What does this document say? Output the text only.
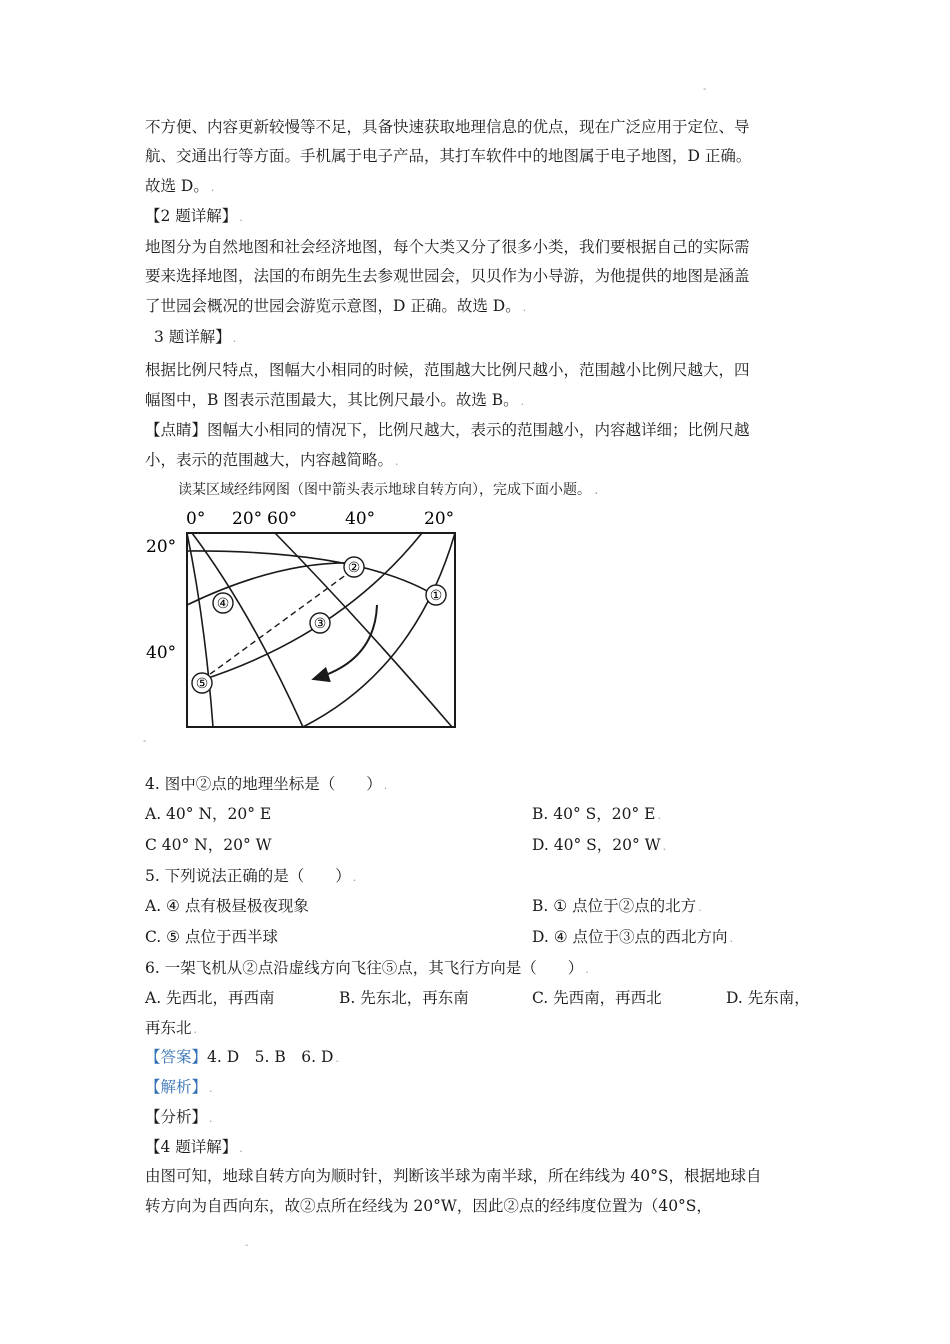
-
不方便、内容更新较慢等不足，具备快速获取地理信息的优点，现在广泛应用于定位、导
航、交通出行等方面。手机属于电子产品，其打车软件中的地图属于电子地图，D 正确。
故选 D。 .
【2 题详解】 .
地图分为自然地图和社会经济地图，每个大类又分了很多小类，我们要根据自己的实际需
要来选择地图，法国的布朗先生去参观世园会，贝贝作为小导游，为他提供的地图是涵盖
了世园会概况的世园会游览示意图，D 正确。故选 D。 .
3 题详解】 .
根据比例尺特点，图幅大小相同的时候，范围越大比例尺越小，范围越小比例尺越大，四
幅图中，B 图表示范围最大，其比例尺最小。故选 B。 .
【点睛】图幅大小相同的情况下，比例尺越大，表示的范围越小，内容越详细；比例尺越
小，表示的范围越大，内容越简略。 .
读某区域经纬网图（图中箭头表示地球自转方向），完成下面小题。 .
①
②
③
④
⑤
0° 20° 60°	40°	20°
20°
40°
-
4. 图中②点的地理坐标是（　　） .
A. 40° N，20° E	B. 40° S，20° E .
C 40° N，20° W	D. 40° S，20° W .
5. 下列说法正确的是（　　） .
A. ④ 点有极昼极夜现象	B. ① 点位于②点的北方 .
C. ⑤ 点位于西半球	D. ④ 点位于③点的西北方向 .
6. 一架飞机从②点沿虚线方向飞往⑤点，其飞行方向是（　　） .
A. 先西北，再西南	B. 先东北，再东南	C. 先西南，再西北	D. 先东南，
再东北 .
【答案】4. D　5. B　6. D .
【解析】 .
【分析】 .
【4 题详解】 .
由图可知，地球自转方向为顺时针，判断该半球为南半球，所在纬线为 40°S，根据地球自
转方向为自西向东，故②点所在经线为 20°W，因此②点的经纬度位置为（40°S，
-
